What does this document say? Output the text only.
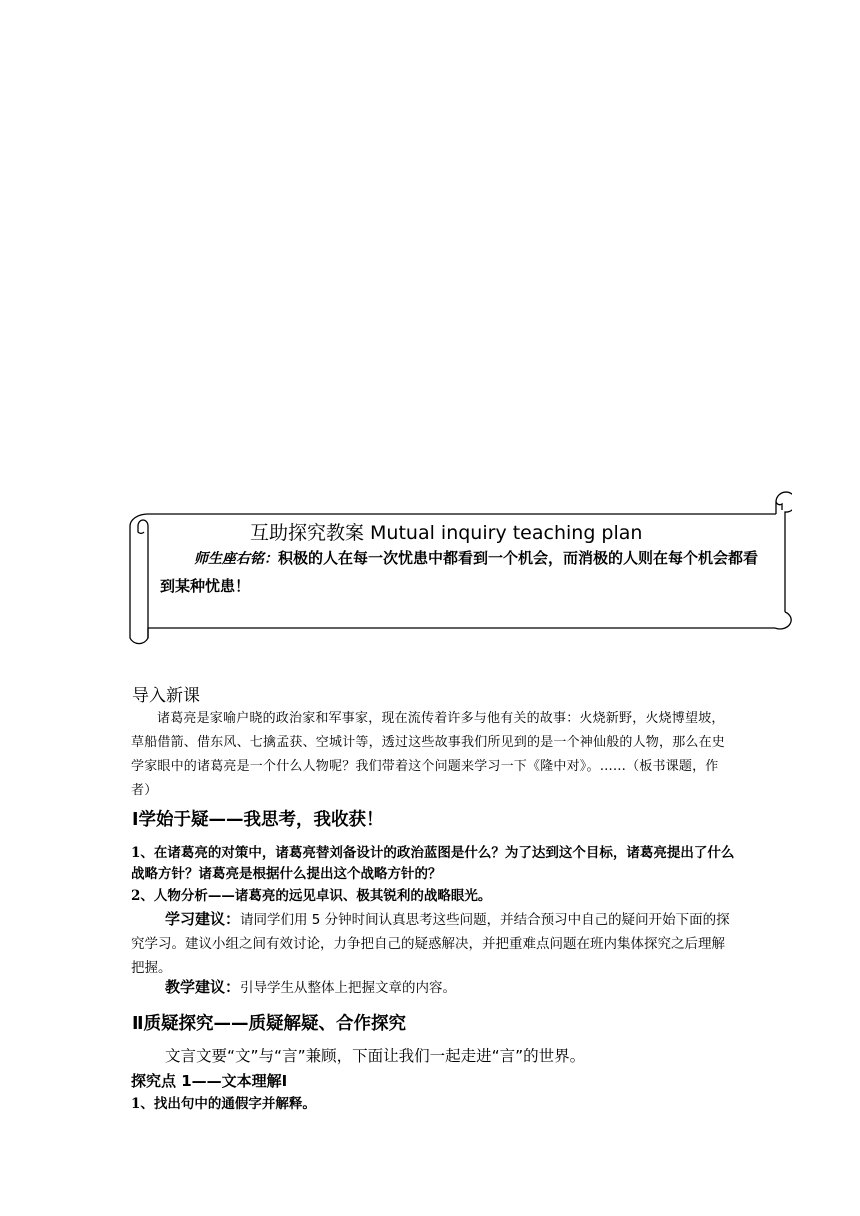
互助探究教案 Mutual inquiry teaching plan
师生座右铭：积极的人在每一次忧患中都看到一个机会，而消极的人则在每个机会都看到某种忧患！
导入新课
诸葛亮是家喻户晓的政治家和军事家，现在流传着许多与他有关的故事：火烧新野，火烧博望坡，草船借箭、借东风、七擒孟获、空城计等，透过这些故事我们所见到的是一个神仙般的人物，那么在史学家眼中的诸葛亮是一个什么人物呢？我们带着这个问题来学习一下《隆中对》。……（板书课题，作者）
Ⅰ学始于疑——我思考，我收获！
1、在诸葛亮的对策中，诸葛亮替刘备设计的政治蓝图是什么？为了达到这个目标，诸葛亮提出了什么战略方针？诸葛亮是根据什么提出这个战略方针的？
2、人物分析——诸葛亮的远见卓识、极其锐利的战略眼光。
学习建议：请同学们用 5 分钟时间认真思考这些问题，并结合预习中自己的疑问开始下面的探究学习。建议小组之间有效讨论，力争把自己的疑惑解决，并把重难点问题在班内集体探究之后理解把握。
教学建议：引导学生从整体上把握文章的内容。
Ⅱ质疑探究——质疑解疑、合作探究
文言文要“文”与“言”兼顾，下面让我们一起走进“言”的世界。
探究点 1——文本理解Ⅰ
1、找出句中的通假字并解释。
